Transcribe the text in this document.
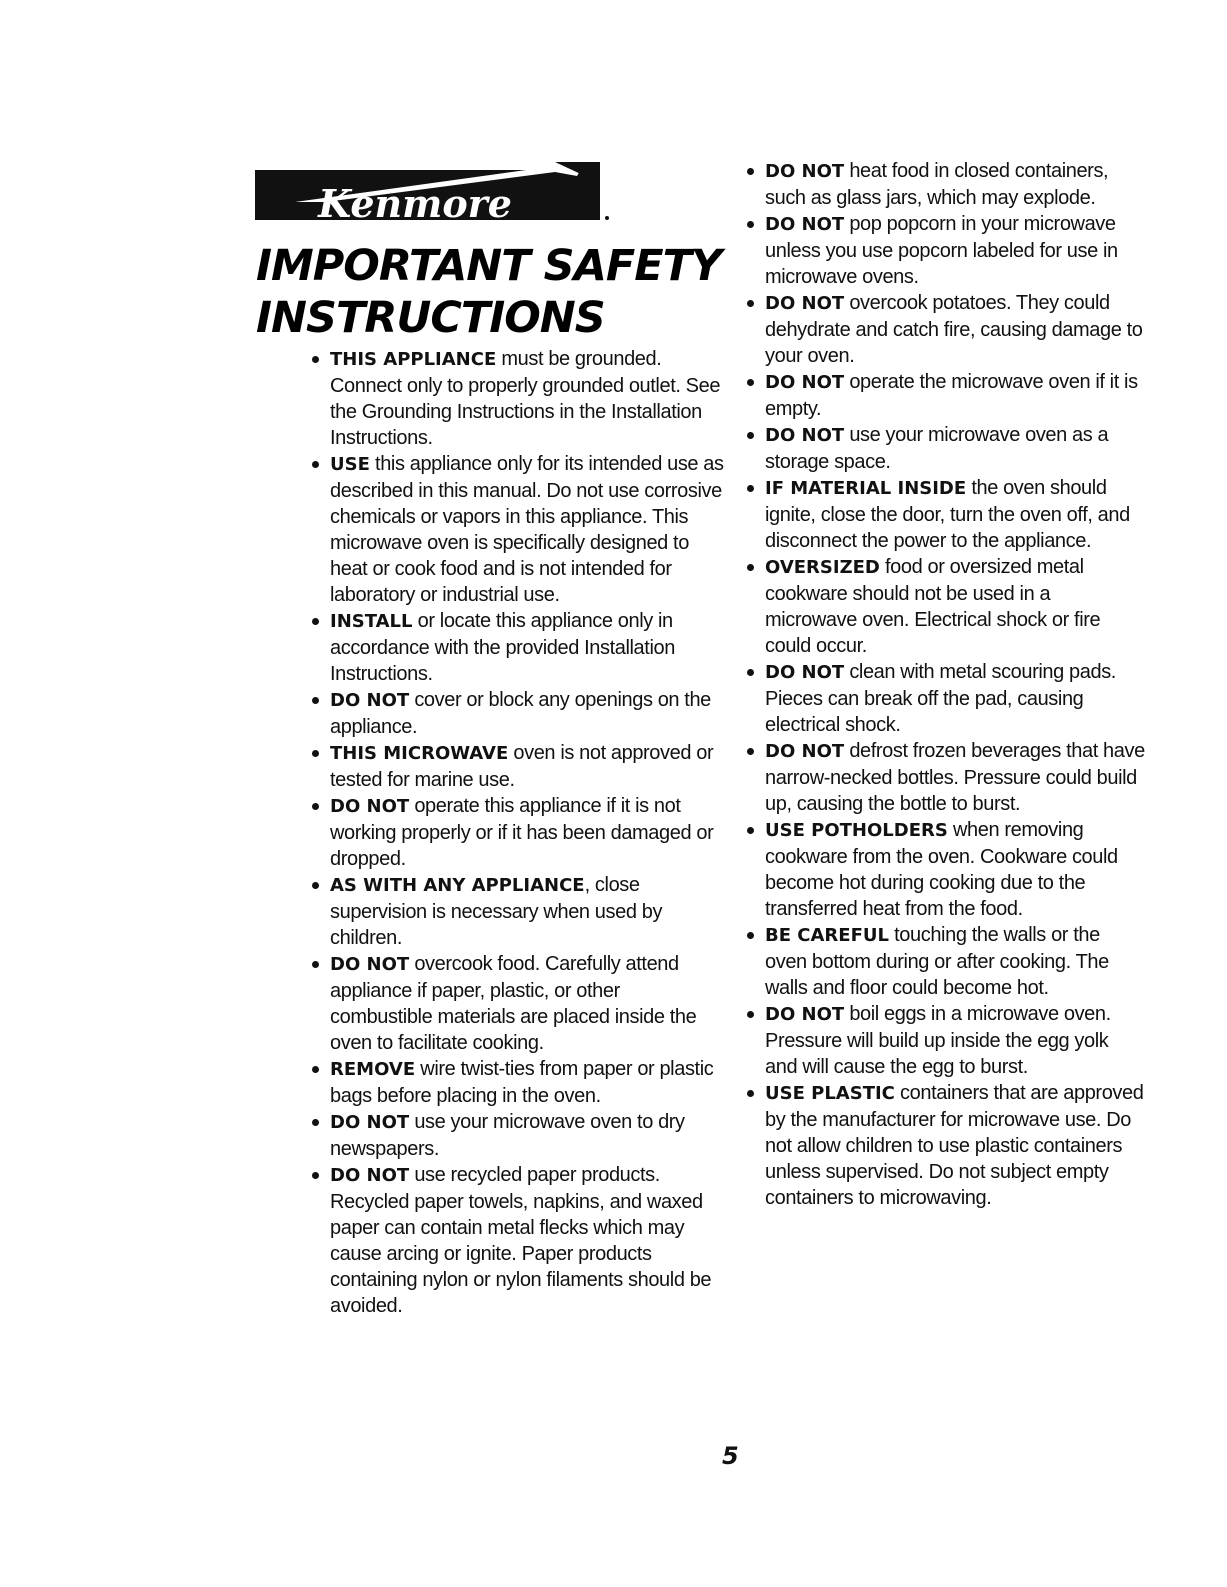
Kenmore
IMPORTANT SAFETY
INSTRUCTIONS
THIS APPLIANCE must be grounded. Connect only to properly grounded outlet. See the Grounding Instructions in the Installation Instructions.
USE this appliance only for its intended use as described in this manual. Do not use corrosive chemicals or vapors in this appliance. This microwave oven is specifically designed to heat or cook food and is not intended for laboratory or industrial use.
INSTALL or locate this appliance only in accordance with the provided Installation Instructions.
DO NOT cover or block any openings on the appliance.
THIS MICROWAVE oven is not approved or tested for marine use.
DO NOT operate this appliance if it is not working properly or if it has been damaged or dropped.
AS WITH ANY APPLIANCE, close supervision is necessary when used by children.
DO NOT overcook food. Carefully attend appliance if paper, plastic, or other combustible materials are placed inside the oven to facilitate cooking.
REMOVE wire twist-ties from paper or plastic bags before placing in the oven.
DO NOT use your microwave oven to dry newspapers.
DO NOT use recycled paper products. Recycled paper towels, napkins, and waxed paper can contain metal flecks which may cause arcing or ignite. Paper products containing nylon or nylon filaments should be avoided.
DO NOT heat food in closed containers, such as glass jars, which may explode.
DO NOT pop popcorn in your microwave unless you use popcorn labeled for use in microwave ovens.
DO NOT overcook potatoes. They could dehydrate and catch fire, causing damage to your oven.
DO NOT operate the microwave oven if it is empty.
DO NOT use your microwave oven as a storage space.
IF MATERIAL INSIDE the oven should ignite, close the door, turn the oven off, and disconnect the power to the appliance.
OVERSIZED food or oversized metal cookware should not be used in a microwave oven. Electrical shock or fire could occur.
DO NOT clean with metal scouring pads. Pieces can break off the pad, causing electrical shock.
DO NOT defrost frozen beverages that have narrow-necked bottles. Pressure could build up, causing the bottle to burst.
USE POTHOLDERS when removing cookware from the oven. Cookware could become hot during cooking due to the transferred heat from the food.
BE CAREFUL touching the walls or the oven bottom during or after cooking. The walls and floor could become hot.
DO NOT boil eggs in a microwave oven. Pressure will build up inside the egg yolk and will cause the egg to burst.
USE PLASTIC containers that are approved by the manufacturer for microwave use. Do not allow children to use plastic containers unless supervised. Do not subject empty containers to microwaving.
5
